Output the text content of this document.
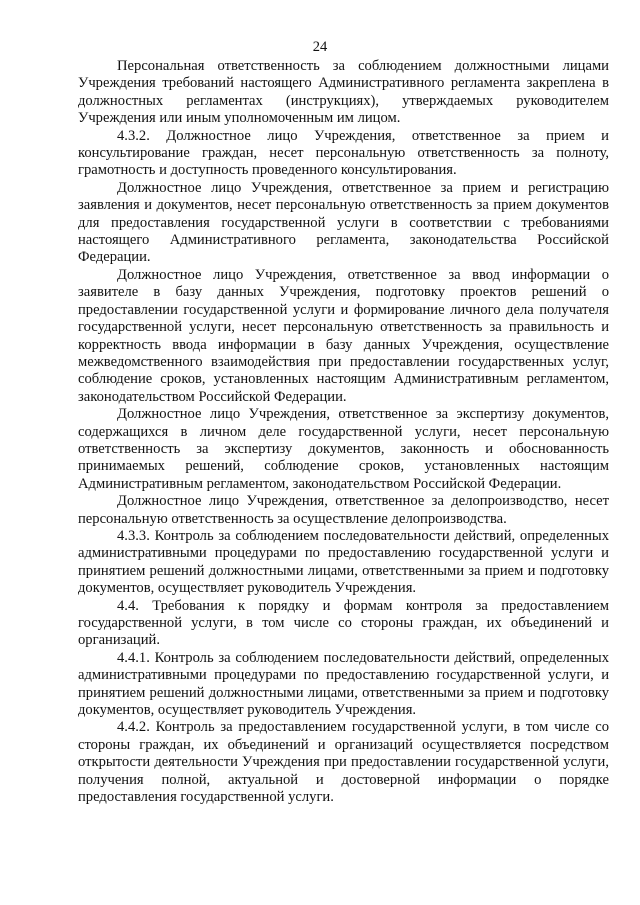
24

Персональная ответственность за соблюдением должностными лицами Учреждения требований настоящего Административного регламента закреплена в должностных регламентах (инструкциях), утверждаемых руководителем Учреждения или иным уполномоченным им лицом.

4.3.2. Должностное лицо Учреждения, ответственное за прием и консультирование граждан, несет персональную ответственность за полноту, грамотность и доступность проведенного консультирования.

Должностное лицо Учреждения, ответственное за прием и регистрацию заявления и документов, несет персональную ответственность за прием документов для предоставления государственной услуги в соответствии с требованиями настоящего Административного регламента, законодательства Российской Федерации.

Должностное лицо Учреждения, ответственное за ввод информации о заявителе в базу данных Учреждения, подготовку проектов решений о предоставлении государственной услуги и формирование личного дела получателя государственной услуги, несет персональную ответственность за правильность и корректность ввода информации в базу данных Учреждения, осуществление межведомственного взаимодействия при предоставлении государственных услуг, соблюдение сроков, установленных настоящим Административным регламентом, законодательством Российской Федерации.

Должностное лицо Учреждения, ответственное за экспертизу документов, содержащихся в личном деле государственной услуги, несет персональную ответственность за экспертизу документов, законность и обоснованность принимаемых решений, соблюдение сроков, установленных настоящим Административным регламентом, законодательством Российской Федерации.

Должностное лицо Учреждения, ответственное за делопроизводство, несет персональную ответственность за осуществление делопроизводства.

4.3.3. Контроль за соблюдением последовательности действий, определенных административными процедурами по предоставлению государственной услуги и принятием решений должностными лицами, ответственными за прием и подготовку документов, осуществляет руководитель Учреждения.

4.4. Требования к порядку и формам контроля за предоставлением государственной услуги, в том числе со стороны граждан, их объединений и организаций.

4.4.1. Контроль за соблюдением последовательности действий, определенных административными процедурами по предоставлению государственной услуги, и принятием решений должностными лицами, ответственными за прием и подготовку документов, осуществляет руководитель Учреждения.

4.4.2. Контроль за предоставлением государственной услуги, в том числе со стороны граждан, их объединений и организаций осуществляется посредством открытости деятельности Учреждения при предоставлении государственной услуги, получения полной, актуальной и достоверной информации о порядке предоставления государственной услуги.
